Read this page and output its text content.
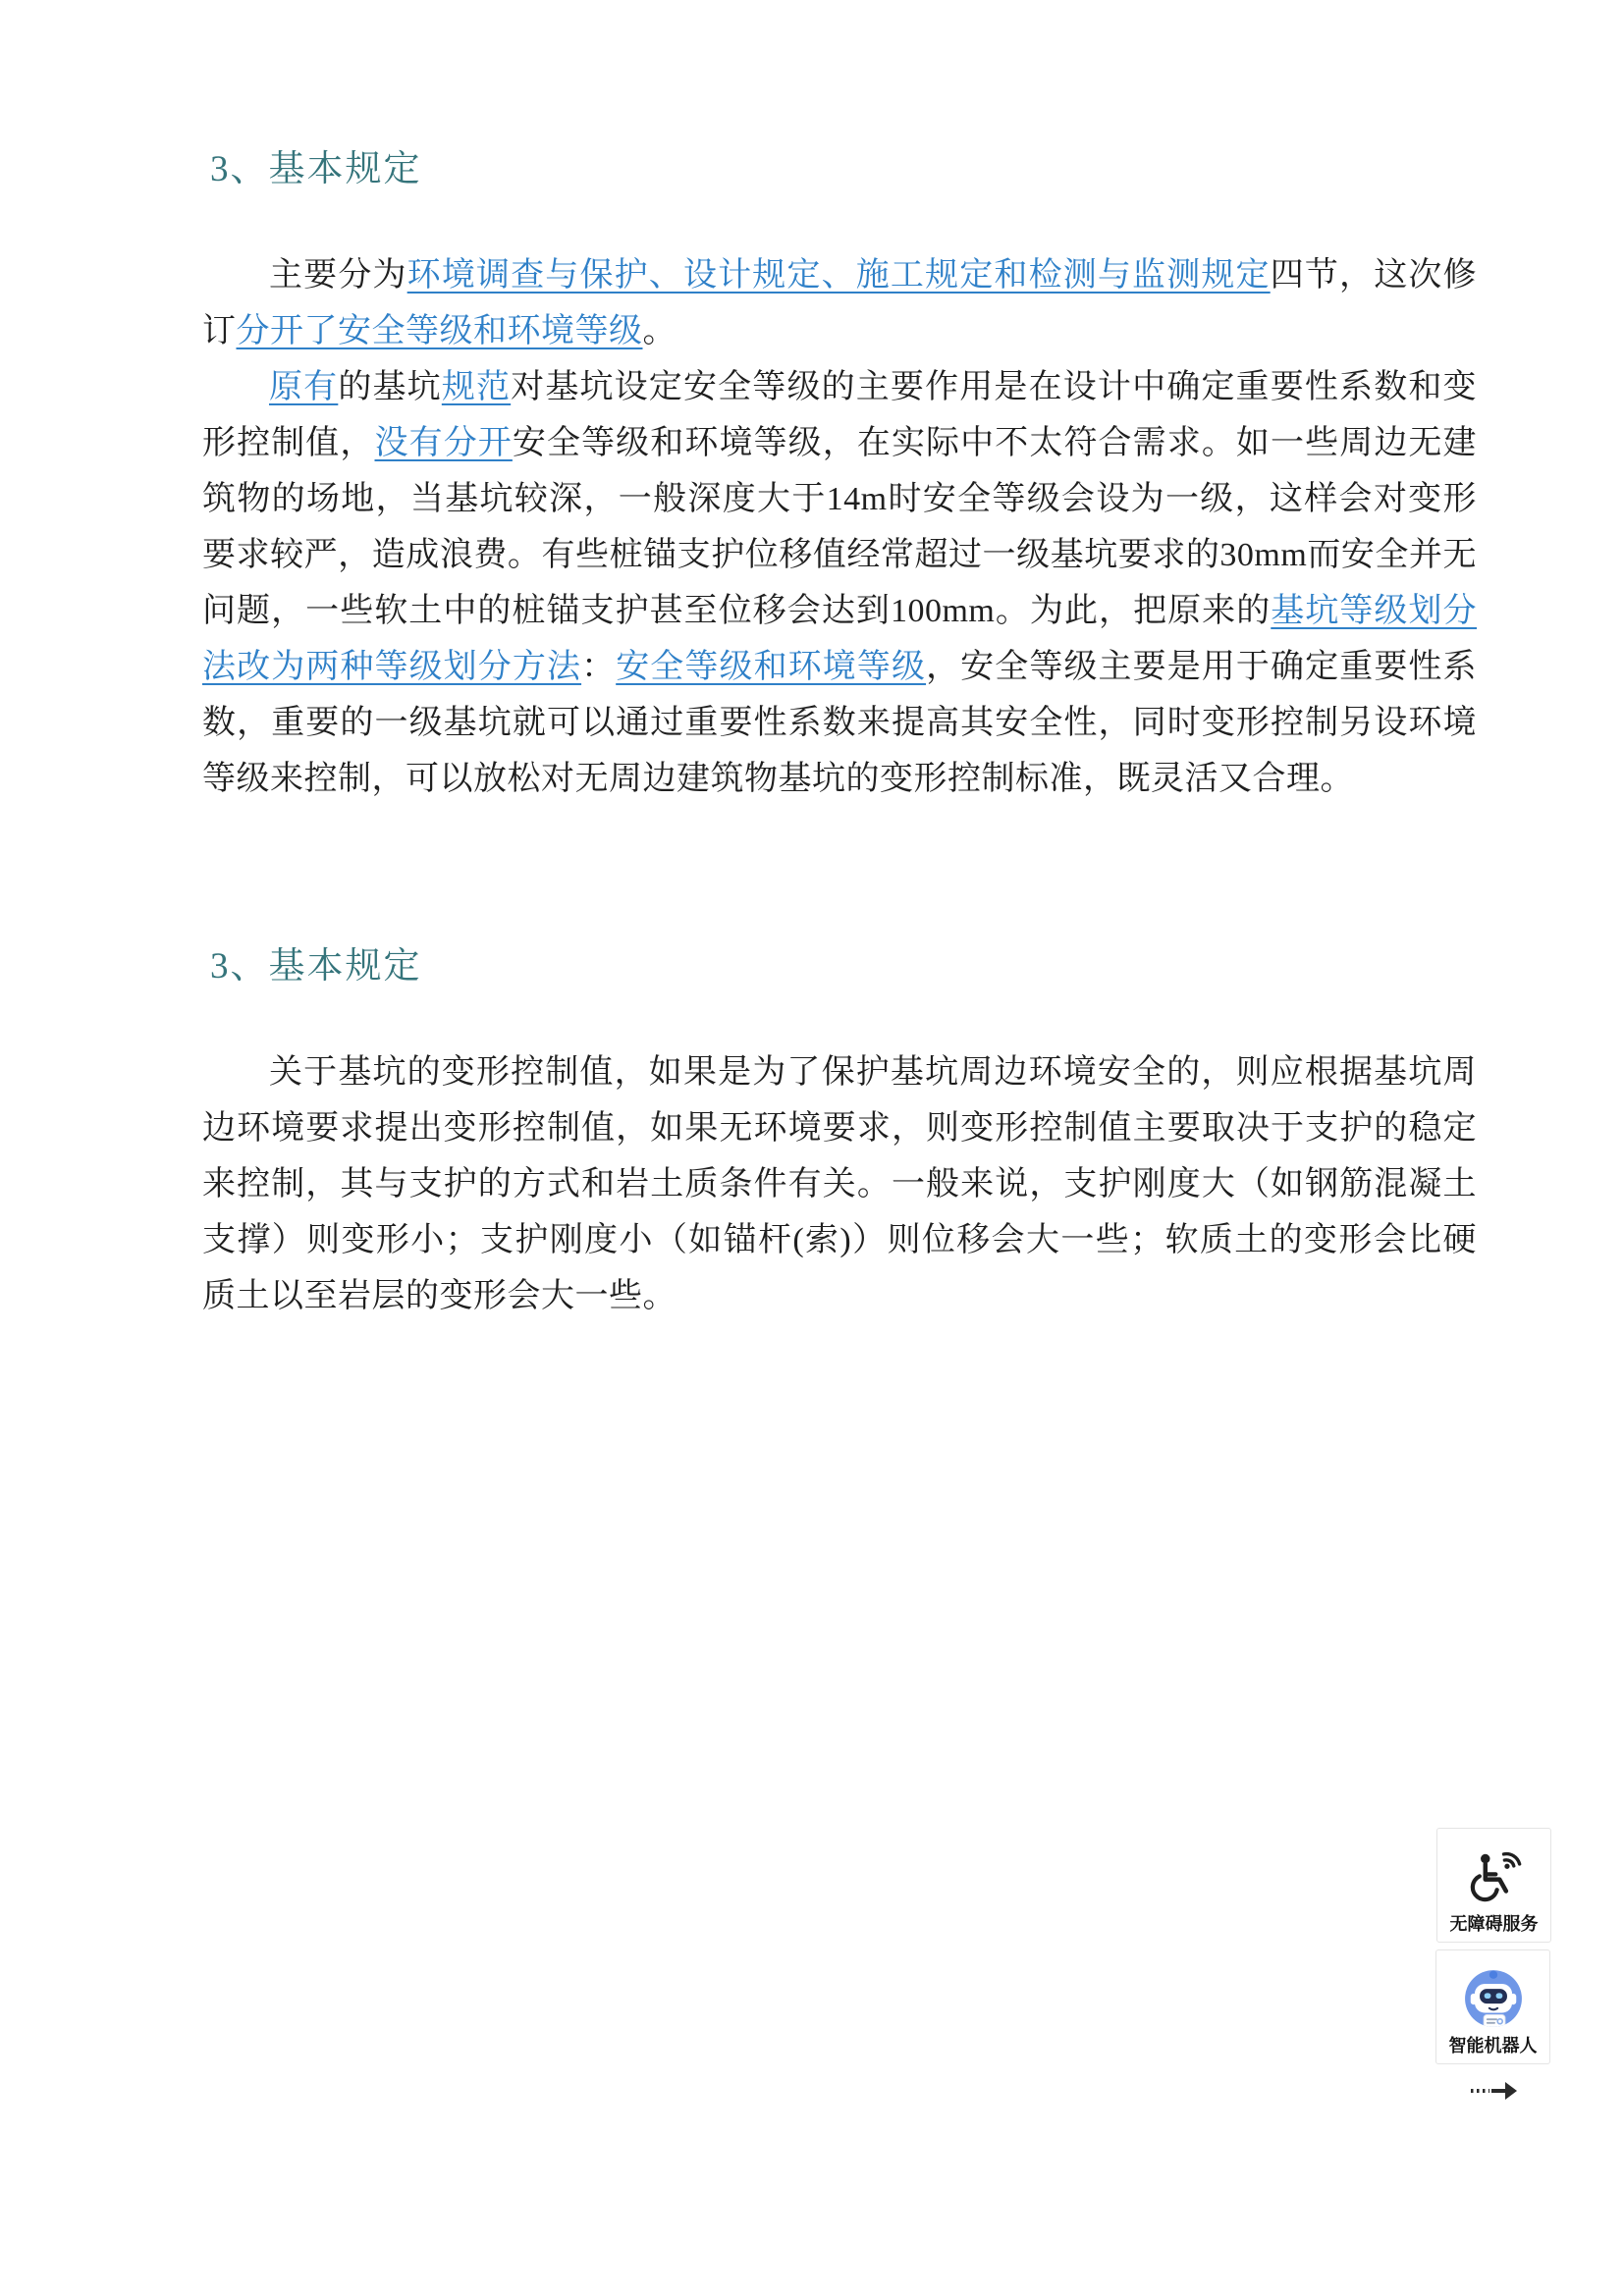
3、基本规定

主要分为环境调查与保护、设计规定、施工规定和检测与监测规定四节，这次修订分开了安全等级和环境等级。

原有的基坑规范对基坑设定安全等级的主要作用是在设计中确定重要性系数和变形控制值，没有分开安全等级和环境等级，在实际中不太符合需求。如一些周边无建筑物的场地，当基坑较深，一般深度大于14m时安全等级会设为一级，这样会对变形要求较严，造成浪费。有些桩锚支护位移值经常超过一级基坑要求的30mm而安全并无问题，一些软土中的桩锚支护甚至位移会达到100mm。为此，把原来的基坑等级划分法改为两种等级划分方法：安全等级和环境等级，安全等级主要是用于确定重要性系数，重要的一级基坑就可以通过重要性系数来提高其安全性，同时变形控制另设环境等级来控制，可以放松对无周边建筑物基坑的变形控制标准，既灵活又合理。

3、基本规定

关于基坑的变形控制值，如果是为了保护基坑周边环境安全的，则应根据基坑周边环境要求提出变形控制值，如果无环境要求，则变形控制值主要取决于支护的稳定来控制，其与支护的方式和岩土质条件有关。一般来说，支护刚度大（如钢筋混凝土支撑）则变形小；支护刚度小（如锚杆(索)）则位移会大一些；软质土的变形会比硬质土以至岩层的变形会大一些。

无障碍服务
智能机器人
